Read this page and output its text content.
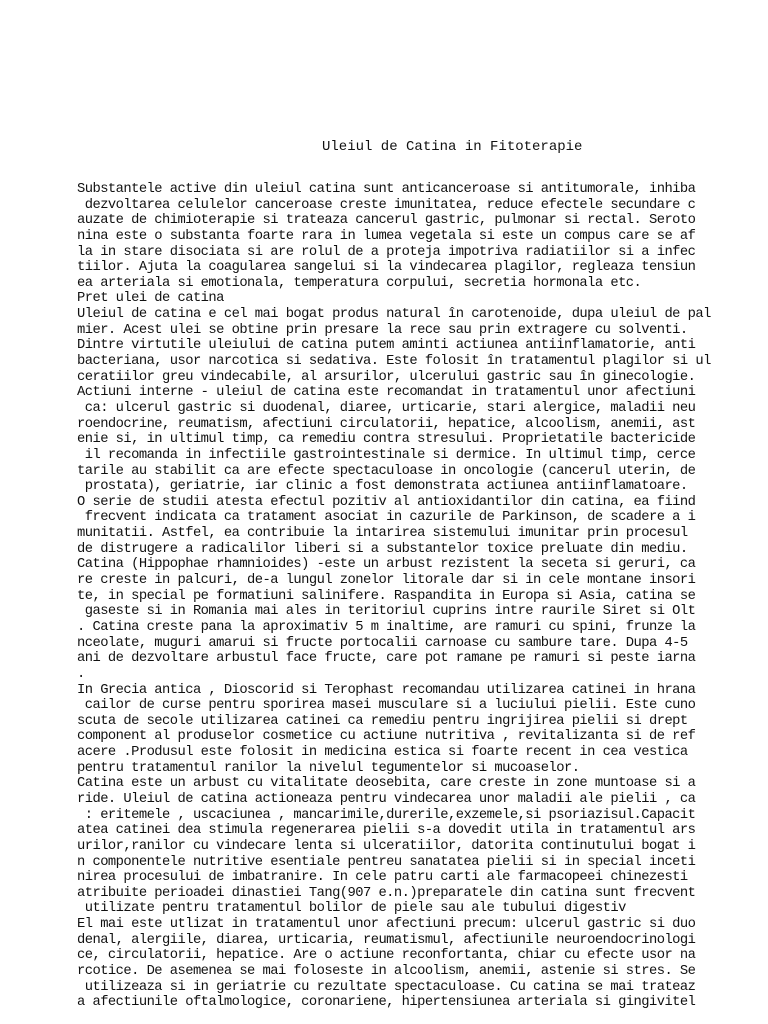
Uleiul de Catina in Fitoterapie
Substantele active din uleiul catina sunt anticanceroase si antitumorale, inhiba
dezvoltarea celulelor canceroase creste imunitatea, reduce efectele secundare c
auzate de chimioterapie si trateaza cancerul gastric, pulmonar si rectal. Seroto
nina este o substanta foarte rara in lumea vegetala si este un compus care se af
la in stare disociata si are rolul de a proteja impotriva radiatiilor si a infec
tiilor. Ajuta la coagularea sangelui si la vindecarea plagilor, regleaza tensiun
ea arteriala si emotionala, temperatura corpului, secretia hormonala etc.
Pret ulei de catina
Uleiul de catina e cel mai bogat produs natural în carotenoide, dupa uleiul de pal
mier. Acest ulei se obtine prin presare la rece sau prin extragere cu solventi.
Dintre virtutile uleiului de catina putem aminti actiunea antiinflamatorie, anti
bacteriana, usor narcotica si sedativa. Este folosit în tratamentul plagilor si ul
ceratiilor greu vindecabile, al arsurilor, ulcerului gastric sau în ginecologie.
Actiuni interne - uleiul de catina este recomandat in tratamentul unor afectiuni
ca: ulcerul gastric si duodenal, diaree, urticarie, stari alergice, maladii neu
roendocrine, reumatism, afectiuni circulatorii, hepatice, alcoolism, anemii, ast
enie si, in ultimul timp, ca remediu contra stresului. Proprietatile bactericide
il recomanda in infectiile gastrointestinale si dermice. In ultimul timp, cerce
tarile au stabilit ca are efecte spectaculoase in oncologie (cancerul uterin, de
prostata), geriatrie, iar clinic a fost demonstrata actiunea antiinflamatoare.
O serie de studii atesta efectul pozitiv al antioxidantilor din catina, ea fiind
frecvent indicata ca tratament asociat in cazurile de Parkinson, de scadere a i
munitatii. Astfel, ea contribuie la intarirea sistemului imunitar prin procesul
de distrugere a radicalilor liberi si a substantelor toxice preluate din mediu.
Catina (Hippophae rhamnioides) -este un arbust rezistent la seceta si geruri, ca
re creste in palcuri, de-a lungul zonelor litorale dar si in cele montane insori
te, in special pe formatiuni salinifere. Raspandita in Europa si Asia, catina se
gaseste si in Romania mai ales in teritoriul cuprins intre raurile Siret si Olt
. Catina creste pana la aproximativ 5 m inaltime, are ramuri cu spini, frunze la
nceolate, muguri amarui si fructe portocalii carnoase cu sambure tare. Dupa 4-5
ani de dezvoltare arbustul face fructe, care pot ramane pe ramuri si peste iarna
.
In Grecia antica , Dioscorid si Terophast recomandau utilizarea catinei in hrana
cailor de curse pentru sporirea masei musculare si a luciului pielii. Este cuno
scuta de secole utilizarea catinei ca remediu pentru ingrijirea pielii si drept
component al produselor cosmetice cu actiune nutritiva , revitalizanta si de ref
acere .Produsul este folosit in medicina estica si foarte recent in cea vestica
pentru tratamentul ranilor la nivelul tegumentelor si mucoaselor.
Catina este un arbust cu vitalitate deosebita, care creste in zone muntoase si a
ride. Uleiul de catina actioneaza pentru vindecarea unor maladii ale pielii , ca
: eritemele , uscaciunea , mancarimile,durerile,exzemele,si psoriazisul.Capacit
atea catinei dea stimula regenerarea pielii s-a dovedit utila in tratamentul ars
urilor,ranilor cu vindecare lenta si ulceratiilor, datorita continutului bogat i
n componentele nutritive esentiale pentreu sanatatea pielii si in special inceti
nirea procesului de imbatranire. In cele patru carti ale farmacopeei chinezesti
atribuite perioadei dinastiei Tang(907 e.n.)preparatele din catina sunt frecvent
utilizate pentru tratamentul bolilor de piele sau ale tubului digestiv
El mai este utlizat in tratamentul unor afectiuni precum: ulcerul gastric si duo
denal, alergiile, diarea, urticaria, reumatismul, afectiunile neuroendocrinologi
ce, circulatorii, hepatice. Are o actiune reconfortanta, chiar cu efecte usor na
rcotice. De asemenea se mai foloseste in alcoolism, anemii, astenie si stres. Se
utilizeaza si in geriatrie cu rezultate spectaculoase. Cu catina se mai trateaz
a afectiunile oftalmologice, coronariene, hipertensiunea arteriala si gingivitel
